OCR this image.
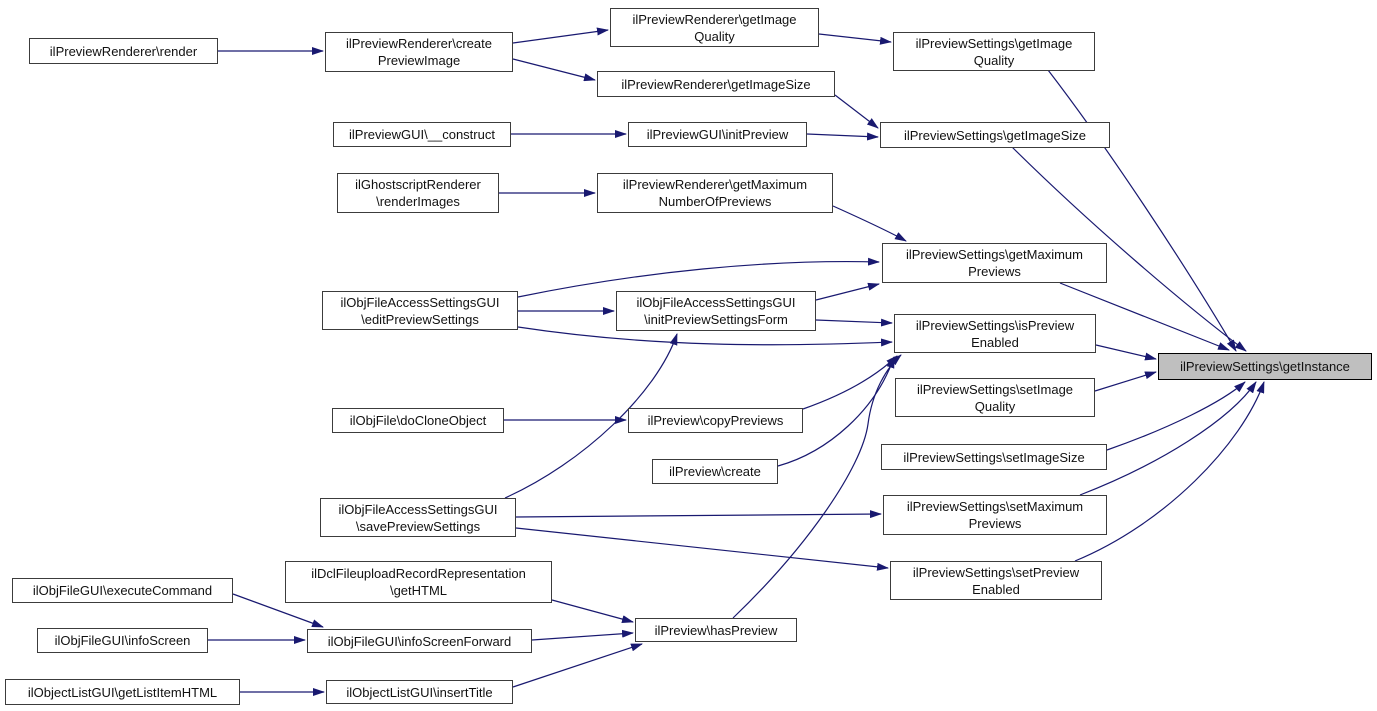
ilPreviewRenderer\render	ilPreviewRenderer\create
PreviewImage
ilPreviewRenderer\getImage
Quality
ilPreviewRenderer\getImageSize
ilPreviewSettings\getImage
Quality
ilPreviewGUI\__construct	ilPreviewGUI\initPreview	ilPreviewSettings\getImageSize
ilGhostscriptRenderer
\renderImages
ilPreviewRenderer\getMaximum
NumberOfPreviews
ilPreviewSettings\getMaximum
Previews
ilObjFileAccessSettingsGUI
\editPreviewSettings
ilObjFileAccessSettingsGUI
\initPreviewSettingsForm	ilPreviewSettings\isPreview
Enabled
ilPreviewSettings\getInstance
ilPreviewSettings\setImage
Quality
ilObjFile\doCloneObject	ilPreview\copyPreviews
ilPreview\create
ilPreviewSettings\setImageSize
ilObjFileAccessSettingsGUI
\savePreviewSettings
ilPreviewSettings\setMaximum
Previews
ilPreviewSettings\setPreview
Enabled
ilDclFileuploadRecordRepresentation
\getHTML
ilObjFileGUI\executeCommand
ilObjFileGUI\infoScreen	ilObjFileGUI\infoScreenForward
ilPreview\hasPreview
ilObjectListGUI\getListItemHTML	ilObjectListGUI\insertTitle
